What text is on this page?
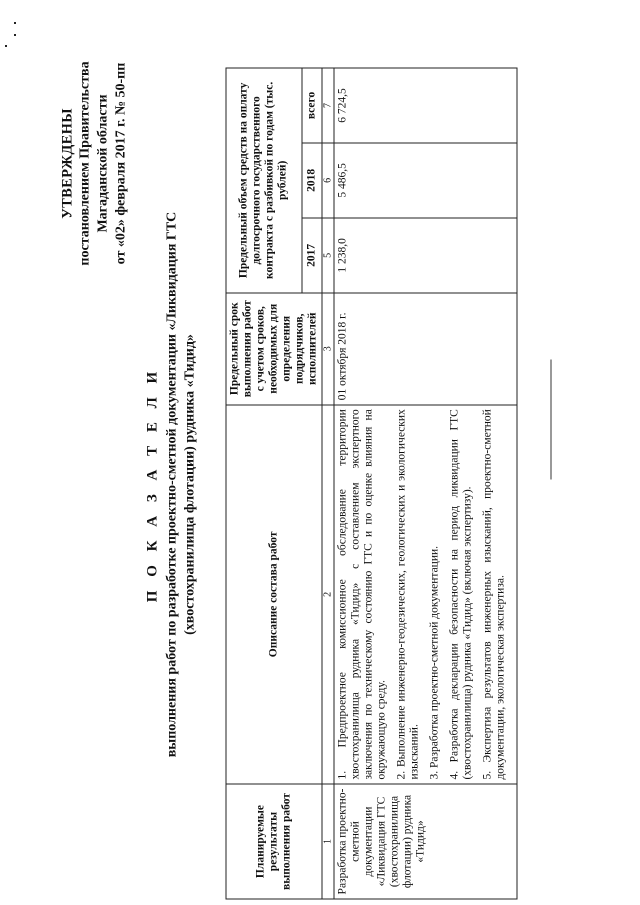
УТВЕРЖДЕНЫ постановлением Правительства Магаданской области от «02» февраля 2017 г. № 50-пп
П О К А З А Т Е Л И выполнения работ по разработке проектно-сметной документации «Ликвидация ГТС (хвостохранилища флотации) рудника «Тидид»
Планируемые результаты выполнения работ	Описание состава работ	Предельный срок выполнения работ с учетом сроков, необходимых для определения подрядчиков, исполнителей	Предельный объем средств на оплату долгосрочного государственного контракта с разбивкой по годам (тыс. рублей)		
			2017	2018	всего
1	2	3	5	6	7
Разработка проектно-сметной документации «Ликвидация ГТС (хвостохранилища флотации) рудника «Тидид»	1. Предпроектное комиссионное обследование территории хвостохранилища рудника «Тидид» с составлением экспертного заключения по техническому состоянию ГТС и по оценке влияния на окружающую среду. 2. Выполнение инженерно-геодезических, геологических и экологических изысканий. 3. Разработка проектно-сметной документации. 4. Разработка декларации безопасности на период ликвидации ГТС (хвостохранилища) рудника «Тидид» (включая экспертизу). 5. Экспертиза результатов инженерных изысканий, проектно-сметной документации, экологическая экспертиза.	01 октября 2018 г.	1 238,0	5 486,5	6 724,5
